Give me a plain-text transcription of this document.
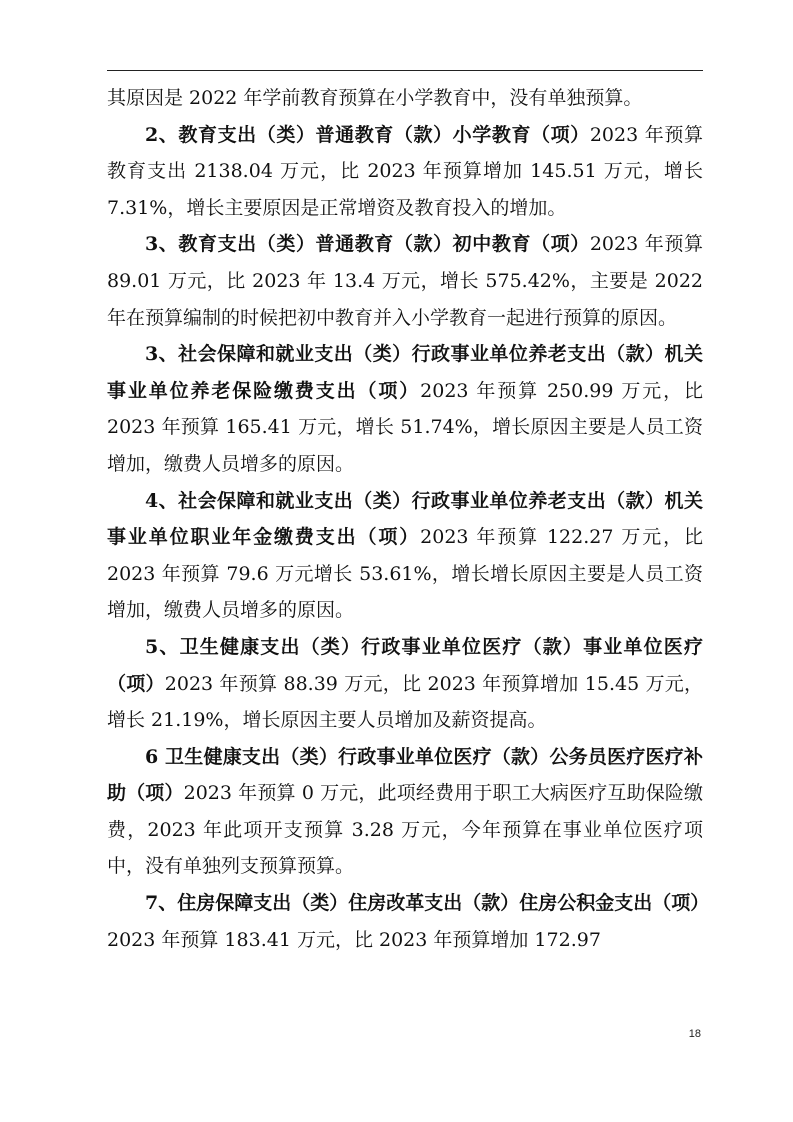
其原因是 2022 年学前教育预算在小学教育中，没有单独预算。

2、教育支出（类）普通教育（款）小学教育（项）2023 年预算教育支出 2138.04 万元，比 2023 年预算增加 145.51 万元，增长 7.31%，增长主要原因是正常增资及教育投入的增加。

3、教育支出（类）普通教育（款）初中教育（项）2023 年预算 89.01 万元，比 2023 年 13.4 万元，增长 575.42%，主要是 2022 年在预算编制的时候把初中教育并入小学教育一起进行预算的原因。

3、社会保障和就业支出（类）行政事业单位养老支出（款）机关事业单位养老保险缴费支出（项）2023 年预算 250.99 万元，比 2023 年预算 165.41 万元，增长 51.74%，增长原因主要是人员工资增加，缴费人员增多的原因。

4、社会保障和就业支出（类）行政事业单位养老支出（款）机关事业单位职业年金缴费支出（项）2023 年预算 122.27 万元，比 2023 年预算 79.6 万元增长 53.61%，增长增长原因主要是人员工资增加，缴费人员增多的原因。

5、卫生健康支出（类）行政事业单位医疗（款）事业单位医疗（项）2023 年预算 88.39 万元，比 2023 年预算增加 15.45 万元，增长 21.19%，增长原因主要人员增加及薪资提高。

6 卫生健康支出（类）行政事业单位医疗（款）公务员医疗医疗补助（项）2023 年预算 0 万元，此项经费用于职工大病医疗互助保险缴费，2023 年此项开支预算 3.28 万元，今年预算在事业单位医疗项中，没有单独列支预算预算。

7、住房保障支出（类）住房改革支出（款）住房公积金支出（项）2023 年预算 183.41 万元，比 2023 年预算增加 172.97

18
